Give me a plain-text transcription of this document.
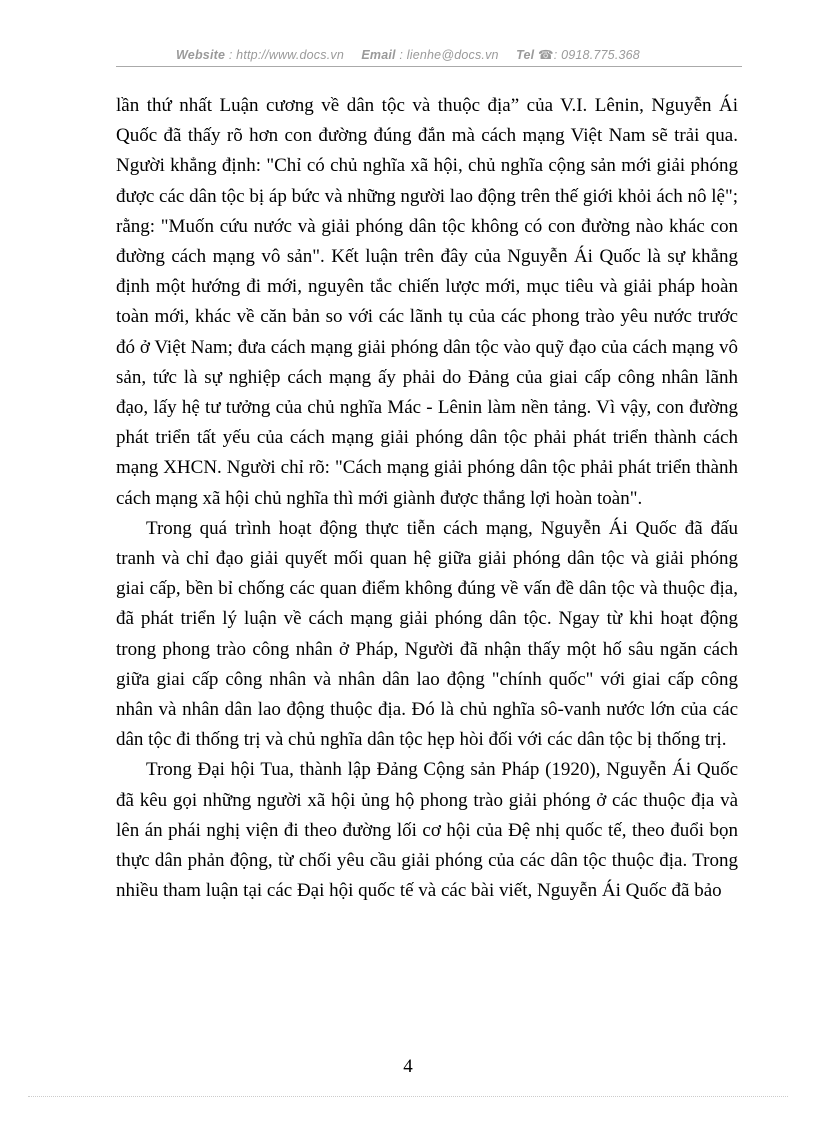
Website : http://www.docs.vn Email : lienhe@docs.vn Tel ☎: 0918.775.368

lần thứ nhất Luận cương về dân tộc và thuộc địa” của V.I. Lênin, Nguyễn Ái Quốc đã thấy rõ hơn con đường đúng đắn mà cách mạng Việt Nam sẽ trải qua. Người khẳng định: "Chỉ có chủ nghĩa xã hội, chủ nghĩa cộng sản mới giải phóng được các dân tộc bị áp bức và những người lao động trên thế giới khỏi ách nô lệ"; rằng: "Muốn cứu nước và giải phóng dân tộc không có con đường nào khác con đường cách mạng vô sản". Kết luận trên đây của Nguyễn Ái Quốc là sự khẳng định một hướng đi mới, nguyên tắc chiến lược mới, mục tiêu và giải pháp hoàn toàn mới, khác về căn bản so với các lãnh tụ của các phong trào yêu nước trước đó ở Việt Nam; đưa cách mạng giải phóng dân tộc vào quỹ đạo của cách mạng vô sản, tức là sự nghiệp cách mạng ấy phải do Đảng của giai cấp công nhân lãnh đạo, lấy hệ tư tưởng của chủ nghĩa Mác - Lênin làm nền tảng. Vì vậy, con đường phát triển tất yếu của cách mạng giải phóng dân tộc phải phát triển thành cách mạng XHCN. Người chỉ rõ: "Cách mạng giải phóng dân tộc phải phát triển thành cách mạng xã hội chủ nghĩa thì mới giành được thắng lợi hoàn toàn".

Trong quá trình hoạt động thực tiễn cách mạng, Nguyễn Ái Quốc đã đấu tranh và chỉ đạo giải quyết mối quan hệ giữa giải phóng dân tộc và giải phóng giai cấp, bền bỉ chống các quan điểm không đúng về vấn đề dân tộc và thuộc địa, đã phát triển lý luận về cách mạng giải phóng dân tộc. Ngay từ khi hoạt động trong phong trào công nhân ở Pháp, Người đã nhận thấy một hố sâu ngăn cách giữa giai cấp công nhân và nhân dân lao động "chính quốc" với giai cấp công nhân và nhân dân lao động thuộc địa. Đó là chủ nghĩa sô-vanh nước lớn của các dân tộc đi thống trị và chủ nghĩa dân tộc hẹp hòi đối với các dân tộc bị thống trị.

Trong Đại hội Tua, thành lập Đảng Cộng sản Pháp (1920), Nguyễn Ái Quốc đã kêu gọi những người xã hội ủng hộ phong trào giải phóng ở các thuộc địa và lên án phái nghị viện đi theo đường lối cơ hội của Đệ nhị quốc tế, theo đuổi bọn thực dân phản động, từ chối yêu cầu giải phóng của các dân tộc thuộc địa. Trong nhiều tham luận tại các Đại hội quốc tế và các bài viết, Nguyễn Ái Quốc đã bảo

4
